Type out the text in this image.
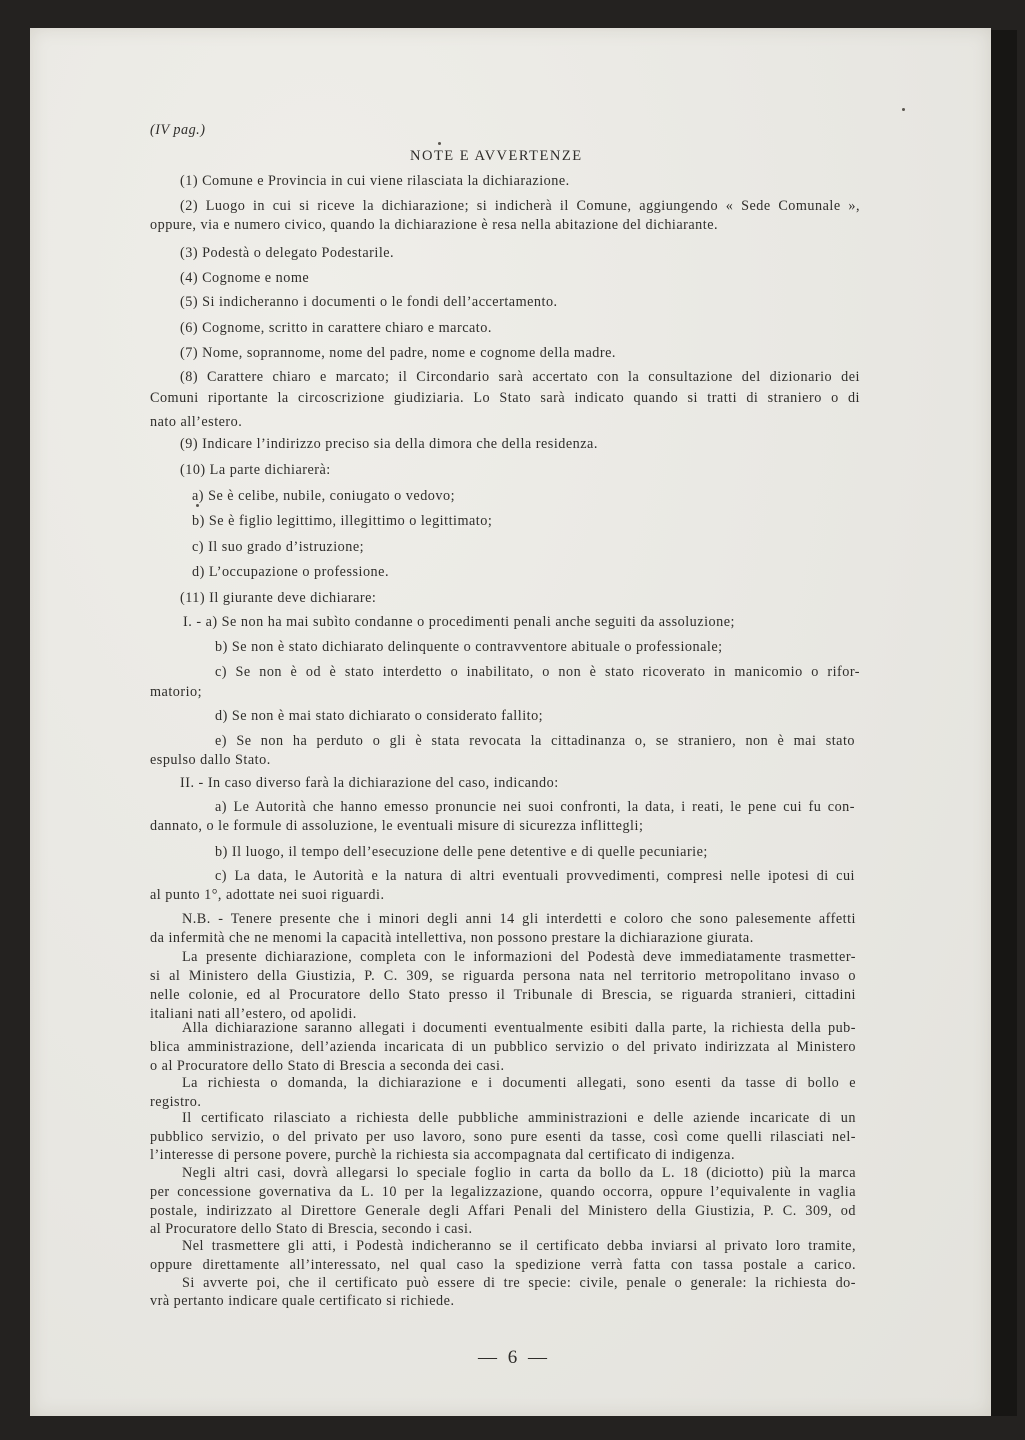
(IV pag.)
NOTE E AVVERTENZE
(1) Comune e Provincia in cui viene rilasciata la dichiarazione.
(2) Luogo in cui si riceve la dichiarazione; si indicherà il Comune, aggiungendo « Sede Comunale »,
oppure, via e numero civico, quando la dichiarazione è resa nella abitazione del dichiarante.
(3) Podestà o delegato Podestarile.
(4) Cognome e nome
(5) Si indicheranno i documenti o le fondi dell’accertamento.
(6) Cognome, scritto in carattere chiaro e marcato.
(7) Nome, soprannome, nome del padre, nome e cognome della madre.
(8) Carattere chiaro e marcato; il Circondario sarà accertato con la consultazione del dizionario dei
Comuni riportante la circoscrizione giudiziaria. Lo Stato sarà indicato quando si tratti di straniero o di
nato all’estero.
(9) Indicare l’indirizzo preciso sia della dimora che della residenza.
(10) La parte dichiarerà:
a) Se è celibe, nubile, coniugato o vedovo;
b) Se è figlio legittimo, illegittimo o legittimato;
c) Il suo grado d’istruzione;
d) L’occupazione o professione.
(11) Il giurante deve dichiarare:
I. - a) Se non ha mai subìto condanne o procedimenti penali anche seguiti da assoluzione;
b) Se non è stato dichiarato delinquente o contravventore abituale o professionale;
c) Se non è od è stato interdetto o inabilitato, o non è stato ricoverato in manicomio o rifor-
matorio;
d) Se non è mai stato dichiarato o considerato fallito;
e) Se non ha perduto o gli è stata revocata la cittadinanza o, se straniero, non è mai stato
espulso dallo Stato.
II. - In caso diverso farà la dichiarazione del caso, indicando:
a) Le Autorità che hanno emesso pronuncie nei suoi confronti, la data, i reati, le pene cui fu con-
dannato, o le formule di assoluzione, le eventuali misure di sicurezza inflittegli;
b) Il luogo, il tempo dell’esecuzione delle pene detentive e di quelle pecuniarie;
c) La data, le Autorità e la natura di altri eventuali provvedimenti, compresi nelle ipotesi di cui
al punto 1°, adottate nei suoi riguardi.
N.B. - Tenere presente che i minori degli anni 14 gli interdetti e coloro che sono palesemente affetti
da infermità che ne menomi la capacità intellettiva, non possono prestare la dichiarazione giurata.
La presente dichiarazione, completa con le informazioni del Podestà deve immediatamente trasmetter-
si al Ministero della Giustizia, P. C. 309, se riguarda persona nata nel territorio metropolitano invaso o
nelle colonie, ed al Procuratore dello Stato presso il Tribunale di Brescia, se riguarda stranieri, cittadini
italiani nati all’estero, od apolidi.
Alla dichiarazione saranno allegati i documenti eventualmente esibiti dalla parte, la richiesta della pub-
blica amministrazione, dell’azienda incaricata di un pubblico servizio o del privato indirizzata al Ministero
o al Procuratore dello Stato di Brescia a seconda dei casi.
La richiesta o domanda, la dichiarazione e i documenti allegati, sono esenti da tasse di bollo e
registro.
Il certificato rilasciato a richiesta delle pubbliche amministrazioni e delle aziende incaricate di un
pubblico servizio, o del privato per uso lavoro, sono pure esenti da tasse, così come quelli rilasciati nel-
l’interesse di persone povere, purchè la richiesta sia accompagnata dal certificato di indigenza.
Negli altri casi, dovrà allegarsi lo speciale foglio in carta da bollo da L. 18 (diciotto) più la marca
per concessione governativa da L. 10 per la legalizzazione, quando occorra, oppure l’equivalente in vaglia
postale, indirizzato al Direttore Generale degli Affari Penali del Ministero della Giustizia, P. C. 309, od
al Procuratore dello Stato di Brescia, secondo i casi.
Nel trasmettere gli atti, i Podestà indicheranno se il certificato debba inviarsi al privato loro tramite,
oppure direttamente all’interessato, nel qual caso la spedizione verrà fatta con tassa postale a carico.
Si avverte poi, che il certificato può essere di tre specie: civile, penale o generale: la richiesta do-
vrà pertanto indicare quale certificato si richiede.
— 6 —
